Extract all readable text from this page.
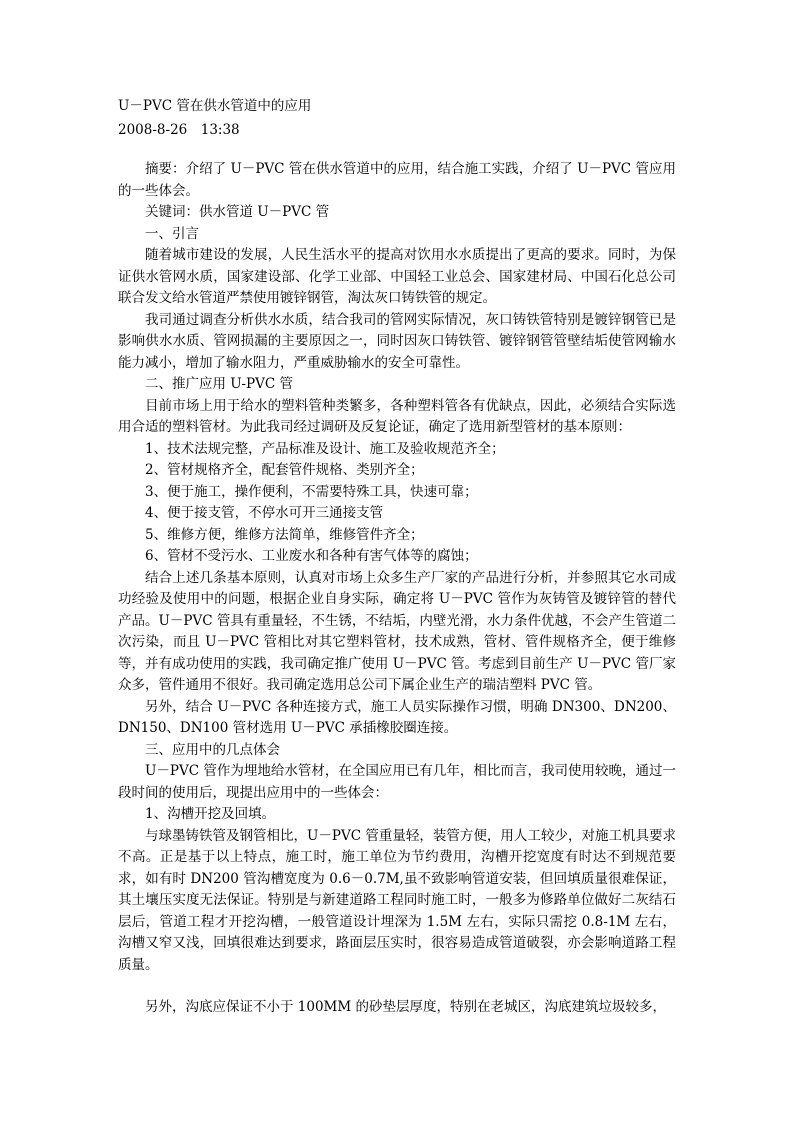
U－PVC 管在供水管道中的应用
2008-8-26　13:38

摘要：介绍了 U－PVC 管在供水管道中的应用，结合施工实践，介绍了 U－PVC 管应用的一些体会。

关键词：供水管道 U－PVC 管

一、引言

随着城市建设的发展，人民生活水平的提高对饮用水水质提出了更高的要求。同时，为保证供水管网水质，国家建设部、化学工业部、中国轻工业总会、国家建材局、中国石化总公司联合发文给水管道严禁使用镀锌钢管，淘汰灰口铸铁管的规定。

我司通过调查分析供水水质，结合我司的管网实际情况，灰口铸铁管特别是镀锌钢管已是影响供水水质、管网损漏的主要原因之一，同时因灰口铸铁管、镀锌钢管管壁结垢使管网输水能力减小，增加了输水阻力，严重威胁输水的安全可靠性。

二、推广应用 U-PVC 管

目前市场上用于给水的塑料管种类繁多，各种塑料管各有优缺点，因此，必须结合实际选用合适的塑料管材。为此我司经过调研及反复论证，确定了选用新型管材的基本原则：

1、技术法规完整，产品标准及设计、施工及验收规范齐全；

2、管材规格齐全，配套管件规格、类别齐全；

3、便于施工，操作便利，不需要特殊工具，快速可靠；

4、便于接支管，不停水可开三通接支管

5、维修方便，维修方法简单，维修管件齐全；

6、管材不受污水、工业废水和各种有害气体等的腐蚀；

结合上述几条基本原则，认真对市场上众多生产厂家的产品进行分析，并参照其它水司成功经验及使用中的问题，根据企业自身实际，确定将 U－PVC 管作为灰铸管及镀锌管的替代产品。U－PVC 管具有重量轻，不生锈，不结垢，内壁光滑，水力条件优越，不会产生管道二次污染，而且 U－PVC 管相比对其它塑料管材，技术成熟，管材、管件规格齐全，便于维修等，并有成功使用的实践，我司确定推广使用 U－PVC 管。考虑到目前生产 U－PVC 管厂家众多，管件通用不很好。我司确定选用总公司下属企业生产的瑞洁塑料 PVC 管。

另外，结合 U－PVC 各种连接方式，施工人员实际操作习惯，明确 DN300、DN200、DN150、DN100 管材选用 U－PVC 承插橡胶圈连接。

三、应用中的几点体会

U－PVC 管作为埋地给水管材，在全国应用已有几年，相比而言，我司使用较晚，通过一段时间的使用后，现提出应用中的一些体会：

1、沟槽开挖及回填。

与球墨铸铁管及钢管相比，U－PVC 管重量轻，装管方便，用人工较少，对施工机具要求不高。正是基于以上特点，施工时，施工单位为节约费用，沟槽开挖宽度有时达不到规范要求，如有时 DN200 管沟槽宽度为 0.6－0.7M,虽不致影响管道安装，但回填质量很难保证，其土壤压实度无法保证。特别是与新建道路工程同时施工时，一般多为修路单位做好二灰结石层后，管道工程才开挖沟槽，一般管道设计埋深为 1.5M 左右，实际只需挖 0.8-1M 左右，沟槽又窄又浅，回填很难达到要求，路面层压实时，很容易造成管道破裂，亦会影响道路工程质量。

另外，沟底应保证不小于 100MM 的砂垫层厚度，特别在老城区，沟底建筑垃圾较多，
